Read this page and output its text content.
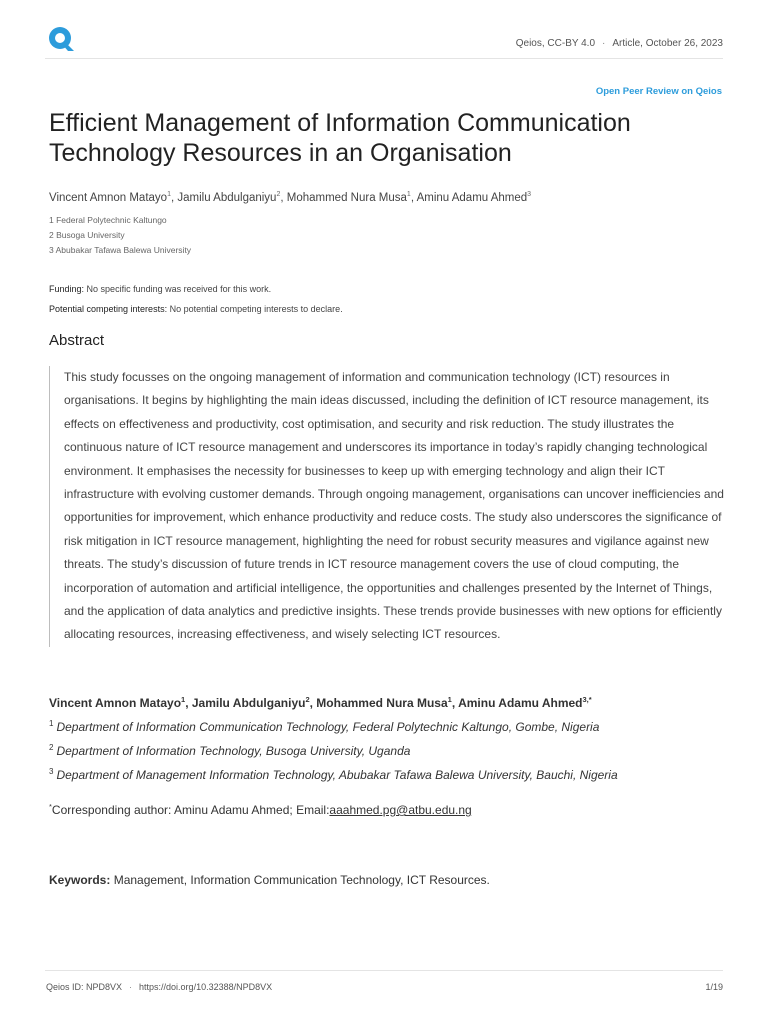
Qeios, CC-BY 4.0 · Article, October 26, 2023
Open Peer Review on Qeios
Efficient Management of Information Communication Technology Resources in an Organisation
Vincent Amnon Matayo$^1$, Jamilu Abdulganiyu$^2$, Mohammed Nura Musa$^1$, Aminu Adamu Ahmed$^3$
1 Federal Polytechnic Kaltungo
2 Busoga University
3 Abubakar Tafawa Balewa University
Funding: No specific funding was received for this work.
Potential competing interests: No potential competing interests to declare.
Abstract

This study focusses on the ongoing management of information and communication technology (ICT) resources in organisations. It begins by highlighting the main ideas discussed, including the definition of ICT resource management, its effects on effectiveness and productivity, cost optimisation, and security and risk reduction. The study illustrates the continuous nature of ICT resource management and underscores its importance in today’s rapidly changing technological environment. It emphasises the necessity for businesses to keep up with emerging technology and align their ICT infrastructure with evolving customer demands. Through ongoing management, organisations can uncover inefficiencies and opportunities for improvement, which enhance productivity and reduce costs. The study also underscores the significance of risk mitigation in ICT resource management, highlighting the need for robust security measures and vigilance against new threats. The study’s discussion of future trends in ICT resource management covers the use of cloud computing, the incorporation of automation and artificial intelligence, the opportunities and challenges presented by the Internet of Things, and the application of data analytics and predictive insights. These trends provide businesses with new options for efficiently allocating resources, increasing effectiveness, and wisely selecting ICT resources.

Vincent Amnon Matayo$^1$, Jamilu Abdulganiyu$^2$, Mohammed Nura Musa$^1$, Aminu Adamu Ahmed$^{3,*}$
$^1$ Department of Information Communication Technology, Federal Polytechnic Kaltungo, Gombe, Nigeria
$^2$ Department of Information Technology, Busoga University, Uganda
$^3$ Department of Management Information Technology, Abubakar Tafawa Balewa University, Bauchi, Nigeria
*Corresponding author: Aminu Adamu Ahmed; Email:aaahmed.pg@atbu.edu.ng
Keywords: Management, Information Communication Technology, ICT Resources.
Qeios ID: NPD8VX · https://doi.org/10.32388/NPD8VX	1/19
